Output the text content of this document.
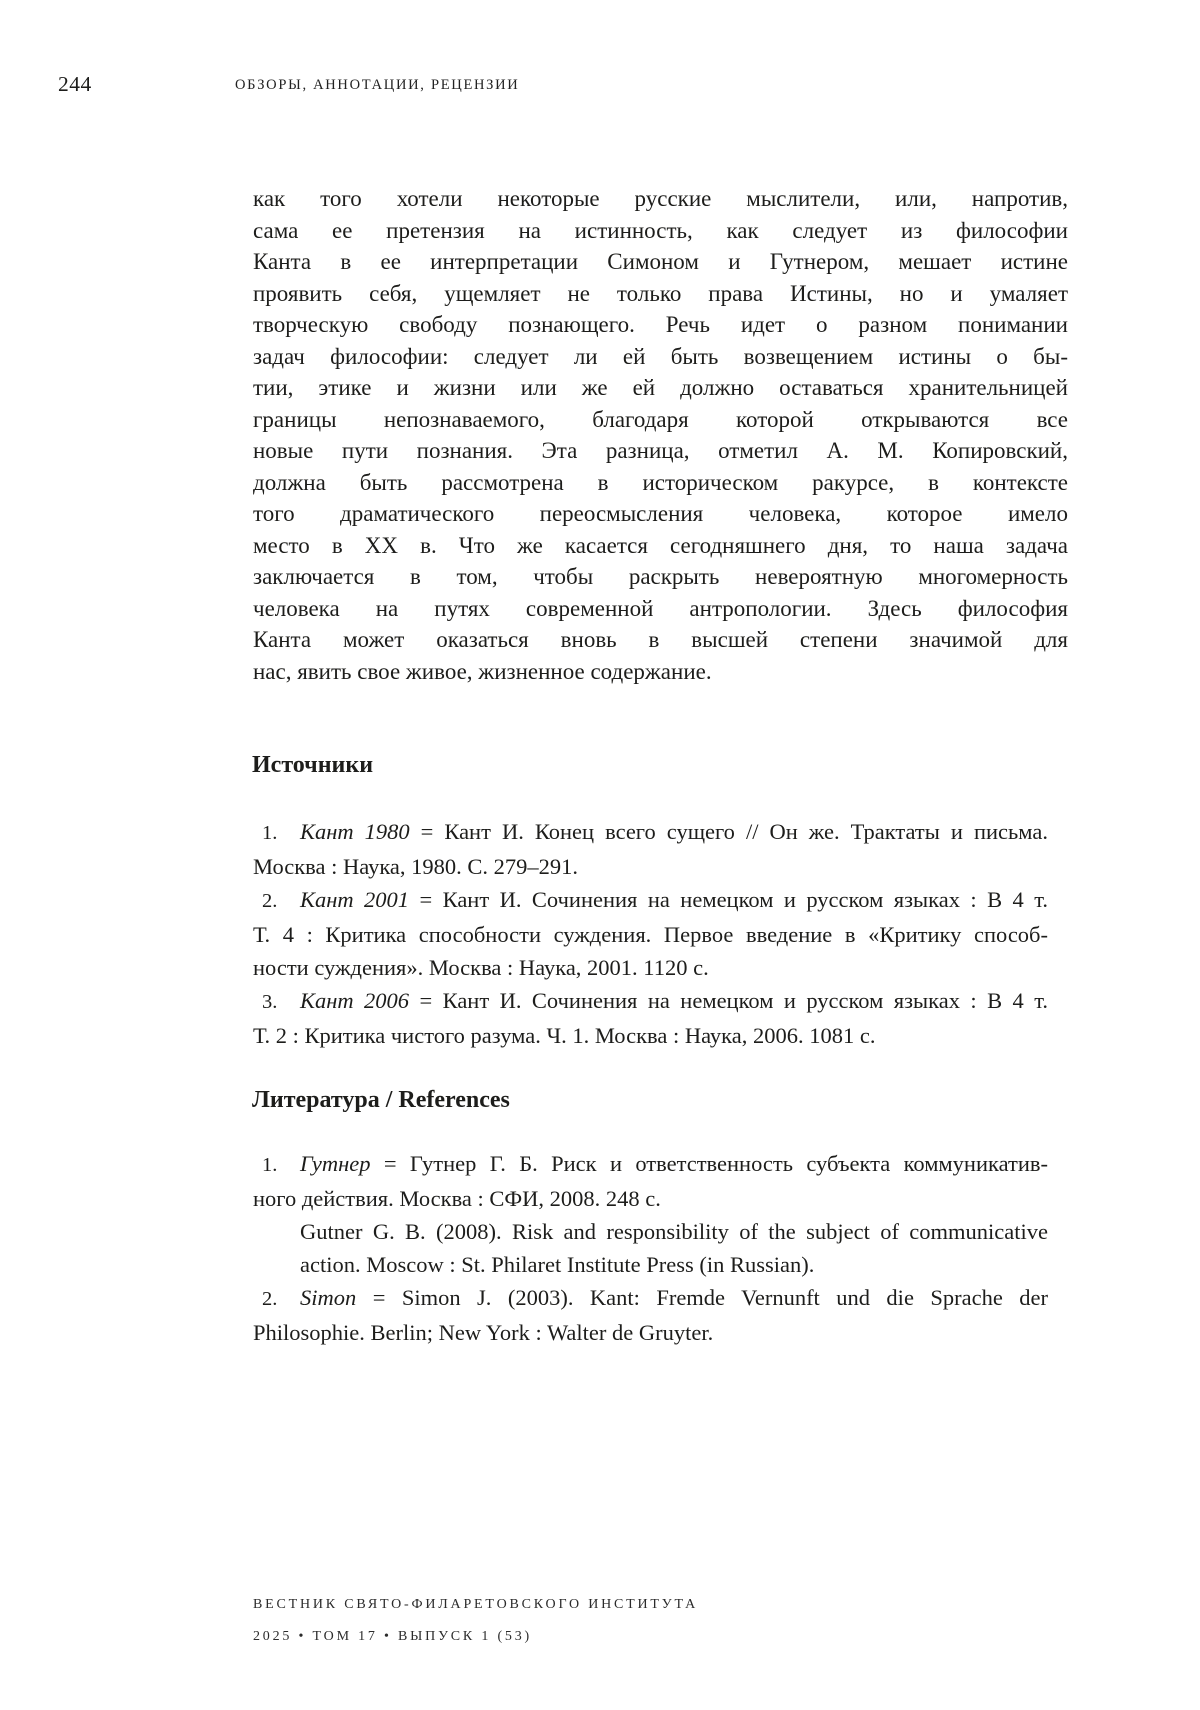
244	ОБЗОРЫ, АННОТАЦИИ, РЕЦЕНЗИИ
как того хотели некоторые русские мыслители, или, напротив,
сама ее претензия на истинность, как следует из философии
Канта в ее интерпретации Симоном и Гутнером, мешает истине
проявить себя, ущемляет не только права Истины, но и умаляет
творческую свободу познающего. Речь идет о разном понимании
задач философии: следует ли ей быть возвещением истины о бы-
тии, этике и жизни или же ей должно оставаться хранительницей
границы непознаваемого, благодаря которой открываются все
новые пути познания. Эта разница, отметил А. М. Копировский,
должна быть рассмотрена в историческом ракурсе, в контексте
того драматического переосмысления человека, которое имело
место в XX в. Что же касается сегодняшнего дня, то наша задача
заключается в том, чтобы раскрыть невероятную многомерность
человека на путях современной антропологии. Здесь философия
Канта может оказаться вновь в высшей степени значимой для
нас, явить свое живое, жизненное содержание.
Источники
1. Кант 1980 = Кант И. Конец всего сущего // Он же. Трактаты и письма.
Москва : Наука, 1980. С. 279–291.
2. Кант 2001 = Кант И. Сочинения на немецком и русском языках : В 4 т.
Т. 4 : Критика способности суждения. Первое введение в «Критику способ-
ности суждения». Москва : Наука, 2001. 1120 с.
3. Кант 2006 = Кант И. Сочинения на немецком и русском языках : В 4 т.
Т. 2 : Критика чистого разума. Ч. 1. Москва : Наука, 2006. 1081 с.
Литература / References
1. Гутнер = Гутнер Г. Б. Риск и ответственность субъекта коммуникатив-
ного действия. Москва : СФИ, 2008. 248 с.
Gutner G. B. (2008). Risk and responsibility of the subject of communicative
action. Moscow : St. Philaret Institute Press (in Russian).
2. Simon = Simon J. (2003). Kant: Fremde Vernunft und die Sprache der
Philosophie. Berlin; New York : Walter de Gruyter.
ВЕСТНИК СВЯТО-ФИЛАРЕТОВСКОГО ИНСТИТУТА
2025 • ТОМ 17 • ВЫПУСК 1 (53)
